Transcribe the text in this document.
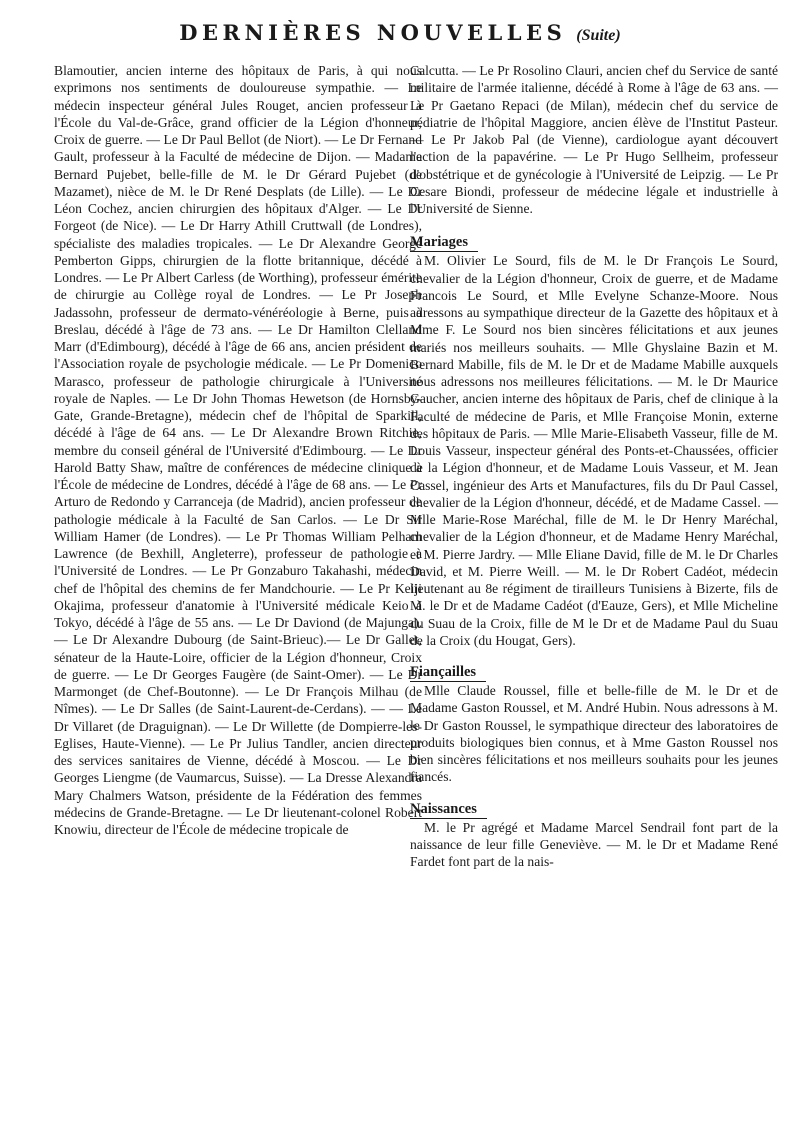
DERNIÈRES NOUVELLES (Suite)

Blamoutier, ancien interne des hôpitaux de Paris, à qui nous exprimons nos sentiments de douloureuse sympathie. — Le médecin inspecteur général Jules Rouget, ancien professeur à l'École du Val-de-Grâce, grand officier de la Légion d'honneur, Croix de guerre. — Le Dr Paul Bellot (de Niort). — Le Dr Fernand Gault, professeur à la Faculté de médecine de Dijon. — Madame Bernard Pujebet, belle-fille de M. le Dr Gérard Pujebet (de Mazamet), nièce de M. le Dr René Desplats (de Lille). — Le Dr Léon Cochez, ancien chirurgien des hôpitaux d'Alger. — Le Dr Forgeot (de Nice). — Le Dr Harry Athill Cruttwall (de Londres), spécialiste des maladies tropicales. — Le Dr Alexandre George Pemberton Gipps, chirurgien de la flotte britannique, décédé à Londres. — Le Pr Albert Carless (de Worthing), professeur émérite de chirurgie au Collège royal de Londres. — Le Pr Joseph Jadassohn, professeur de dermato-vénéréologie à Berne, puis à Breslau, décédé à l'âge de 73 ans. — Le Dr Hamilton Clelland Marr (d'Edimbourg), décédé à l'âge de 66 ans, ancien président de l'Association royale de psychologie médicale. — Le Pr Domenico Marasco, professeur de pathologie chirurgicale à l'Université royale de Naples. — Le Dr John Thomas Hewetson (de Hornsby-Gate, Grande-Bretagne), médecin chef de l'hôpital de Sparkill, décédé à l'âge de 64 ans. — Le Dr Alexandre Brown Ritchie, membre du conseil général de l'Université d'Edimbourg. — Le Dr Harold Batty Shaw, maître de conférences de médecine clinique à l'École de médecine de Londres, décédé à l'âge de 68 ans. — Le Pr Arturo de Redondo y Carranceja (de Madrid), ancien professeur de pathologie médicale à la Faculté de San Carlos. — Le Dr Sir William Hamer (de Londres). — Le Pr Thomas William Pelham Lawrence (de Bexhill, Angleterre), professeur de pathologie à l'Université de Londres. — Le Pr Gonzaburo Takahashi, médecin chef de l'hôpital des chemins de fer Mandchourie. — Le Pr Keiji Okajima, professeur d'anatomie à l'Université médicale Keio à Tokyo, décédé à l'âge de 55 ans. — Le Dr Daviond (de Majunga). — Le Dr Alexandre Dubourg (de Saint-Brieuc).— Le Dr Gallet, sénateur de la Haute-Loire, officier de la Légion d'honneur, Croix de guerre. — Le Dr Georges Faugère (de Saint-Omer). — Le Dr Marmonget (de Chef-Boutonne). — Le Dr François Milhau (de Nîmes). — Le Dr Salles (de Saint-Laurent-de-Cerdans). — — Le Dr Villaret (de Draguignan). — Le Dr Willette (de Dompierre-les-Eglises, Haute-Vienne). — Le Pr Julius Tandler, ancien directeur des services sanitaires de Vienne, décédé à Moscou. — Le Dr Georges Liengme (de Vaumarcus, Suisse). — La Dresse Alexandra Mary Chalmers Watson, présidente de la Fédération des femmes médecins de Grande-Bretagne. — Le Dr lieutenant-colonel Robert Knowiu, directeur de l'École de médecine tropicale de

Calcutta. — Le Pr Rosolino Clauri, ancien chef du Service de santé militaire de l'armée italienne, décédé à Rome à l'âge de 63 ans. — Le Pr Gaetano Repaci (de Milan), médecin chef du service de pédiatrie de l'hôpital Maggiore, ancien élève de l'Institut Pasteur. — Le Pr Jakob Pal (de Vienne), cardiologue ayant découvert l'action de la papavérine. — Le Pr Hugo Sellheim, professeur d'obstétrique et de gynécologie à l'Université de Leipzig. — Le Pr Cesare Biondi, professeur de médecine légale et industrielle à l'Université de Sienne.

Mariages

M. Olivier Le Sourd, fils de M. le Dr François Le Sourd, chevalier de la Légion d'honneur, Croix de guerre, et de Madame Francois Le Sourd, et Mlle Evelyne Schanze-Moore. Nous adressons au sympathique directeur de la Gazette des hôpitaux et à Mme F. Le Sourd nos bien sincères félicitations et aux jeunes mariés nos meilleurs souhaits. — Mlle Ghyslaine Bazin et M. Bernard Mabille, fils de M. le Dr et de Madame Mabille auxquels nous adressons nos meilleures félicitations. — M. le Dr Maurice Gaucher, ancien interne des hôpitaux de Paris, chef de clinique à la Faculté de médecine de Paris, et Mlle Françoise Monin, externe des hôpitaux de Paris. — Mlle Marie-Elisabeth Vasseur, fille de M. Louis Vasseur, inspecteur général des Ponts-et-Chaussées, officier de la Légion d'honneur, et de Madame Louis Vasseur, et M. Jean Cassel, ingénieur des Arts et Manufactures, fils du Dr Paul Cassel, chevalier de la Légion d'honneur, décédé, et de Madame Cassel. — Mlle Marie-Rose Maréchal, fille de M. le Dr Henry Maréchal, chevalier de la Légion d'honneur, et de Madame Henry Maréchal, et M. Pierre Jardry. — Mlle Eliane David, fille de M. le Dr Charles David, et M. Pierre Weill. — M. le Dr Robert Cadéot, médecin lieutenant au 8e régiment de tirailleurs Tunisiens à Bizerte, fils de M. le Dr et de Madame Cadéot (d'Eauze, Gers), et Mlle Micheline du Suau de la Croix, fille de M le Dr et de Madame Paul du Suau de la Croix (du Hougat, Gers).

Fiançailles

Mlle Claude Roussel, fille et belle-fille de M. le Dr et de Madame Gaston Roussel, et M. André Hubin. Nous adressons à M. le Dr Gaston Roussel, le sympathique directeur des laboratoires de produits biologiques bien connus, et à Mme Gaston Roussel nos bien sincères félicitations et nos meilleurs souhaits pour les jeunes fiancés.

Naissances

M. le Pr agrégé et Madame Marcel Sendrail font part de la naissance de leur fille Geneviève. — M. le Dr et Madame René Fardet font part de la nais-
